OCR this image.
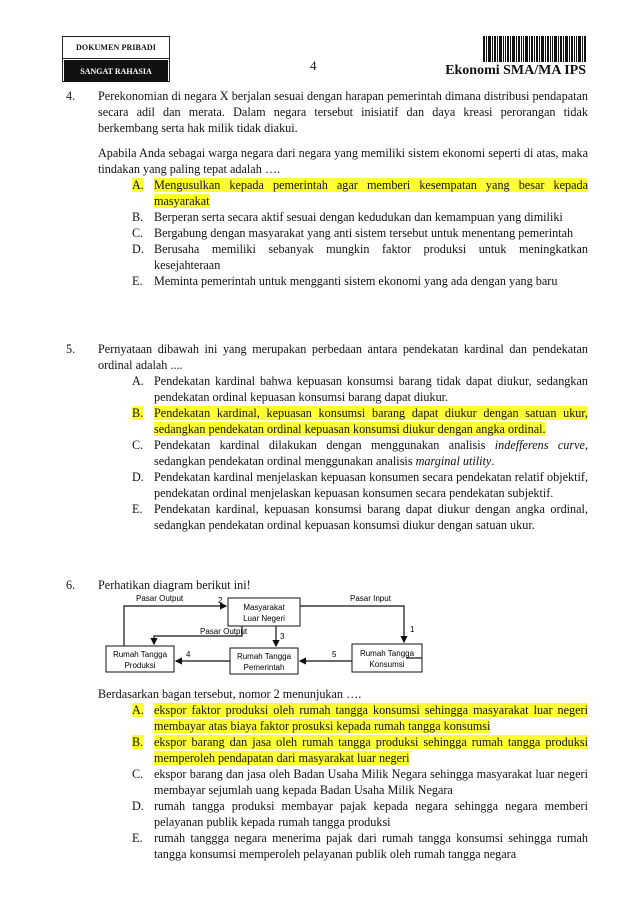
DOKUMEN PRIBADI
SANGAT RAHASIA	4	Ekonomi SMA/MA IPS
4. Perekonomian di negara X berjalan sesuai dengan harapan pemerintah dimana distribusi pendapatan secara adil dan merata. Dalam negara tersebut inisiatif dan daya kreasi perorangan tidak berkembang serta hak milik tidak diakui.

Apabila Anda sebagai warga negara dari negara yang memiliki sistem ekonomi seperti di atas, maka tindakan yang paling tepat adalah ….

A. Mengusulkan kepada pemerintah agar memberi kesempatan yang besar kepada masyarakat
B. Berperan serta secara aktif sesuai dengan kedudukan dan kemampuan yang dimiliki
C. Bergabung dengan masyarakat yang anti sistem tersebut untuk menentang pemerintah
D. Berusaha memiliki sebanyak mungkin faktor produksi untuk meningkatkan kesejahteraan
E. Meminta pemerintah untuk mengganti sistem ekonomi yang ada dengan yang baru
5. Pernyataan dibawah ini yang merupakan perbedaan antara pendekatan kardinal dan pendekatan ordinal adalah ....

A. Pendekatan kardinal bahwa kepuasan konsumsi barang tidak dapat diukur, sedangkan pendekatan ordinal kepuasan konsumsi barang dapat diukur.
B. Pendekatan kardinal, kepuasan konsumsi barang dapat diukur dengan satuan ukur, sedangkan pendekatan ordinal kepuasan konsumsi diukur dengan angka ordinal.
C. Pendekatan kardinal dilakukan dengan menggunakan analisis indefferens curve, sedangkan pendekatan ordinal menggunakan analisis marginal utility.
D. Pendekatan kardinal menjelaskan kepuasan konsumen secara pendekatan relatif objektif, pendekatan ordinal menjelaskan kepuasan konsumen secara pendekatan subjektif.
E. Pendekatan kardinal, kepuasan konsumsi barang dapat diukur dengan angka ordinal, sedangkan pendekatan ordinal kepuasan konsumsi diukur dengan satuan ukur.
6. Perhatikan diagram berikut ini!

Masyarakat
Luar Negeri
Rumah Tangga
Produksi
Rumah Tangga
Pemerintah
Rumah Tangga
Konsumsi
Pasar Output	Pasar Input
Pasar Output
2
1
3
4	5

Berdasarkan bagan tersebut, nomor 2 menunjukan ….

A. ekspor faktor produksi oleh rumah tangga konsumsi sehingga masyarakat luar negeri membayar atas biaya faktor prosuksi kepada rumah tangga konsumsi
B. ekspor barang dan jasa oleh rumah tangga produksi sehingga rumah tangga produksi memperoleh pendapatan dari masyarakat luar negeri
C. ekspor barang dan jasa oleh Badan Usaha Milik Negara sehingga masyarakat luar negeri membayar sejumlah uang kepada Badan Usaha Milik Negara
D. rumah tangga produksi membayar pajak kepada negara sehingga negara memberi pelayanan publik kepada rumah tangga produksi
E. rumah tanggga negara menerima pajak dari rumah tangga konsumsi sehingga rumah tangga konsumsi memperoleh pelayanan publik oleh rumah tangga negara
